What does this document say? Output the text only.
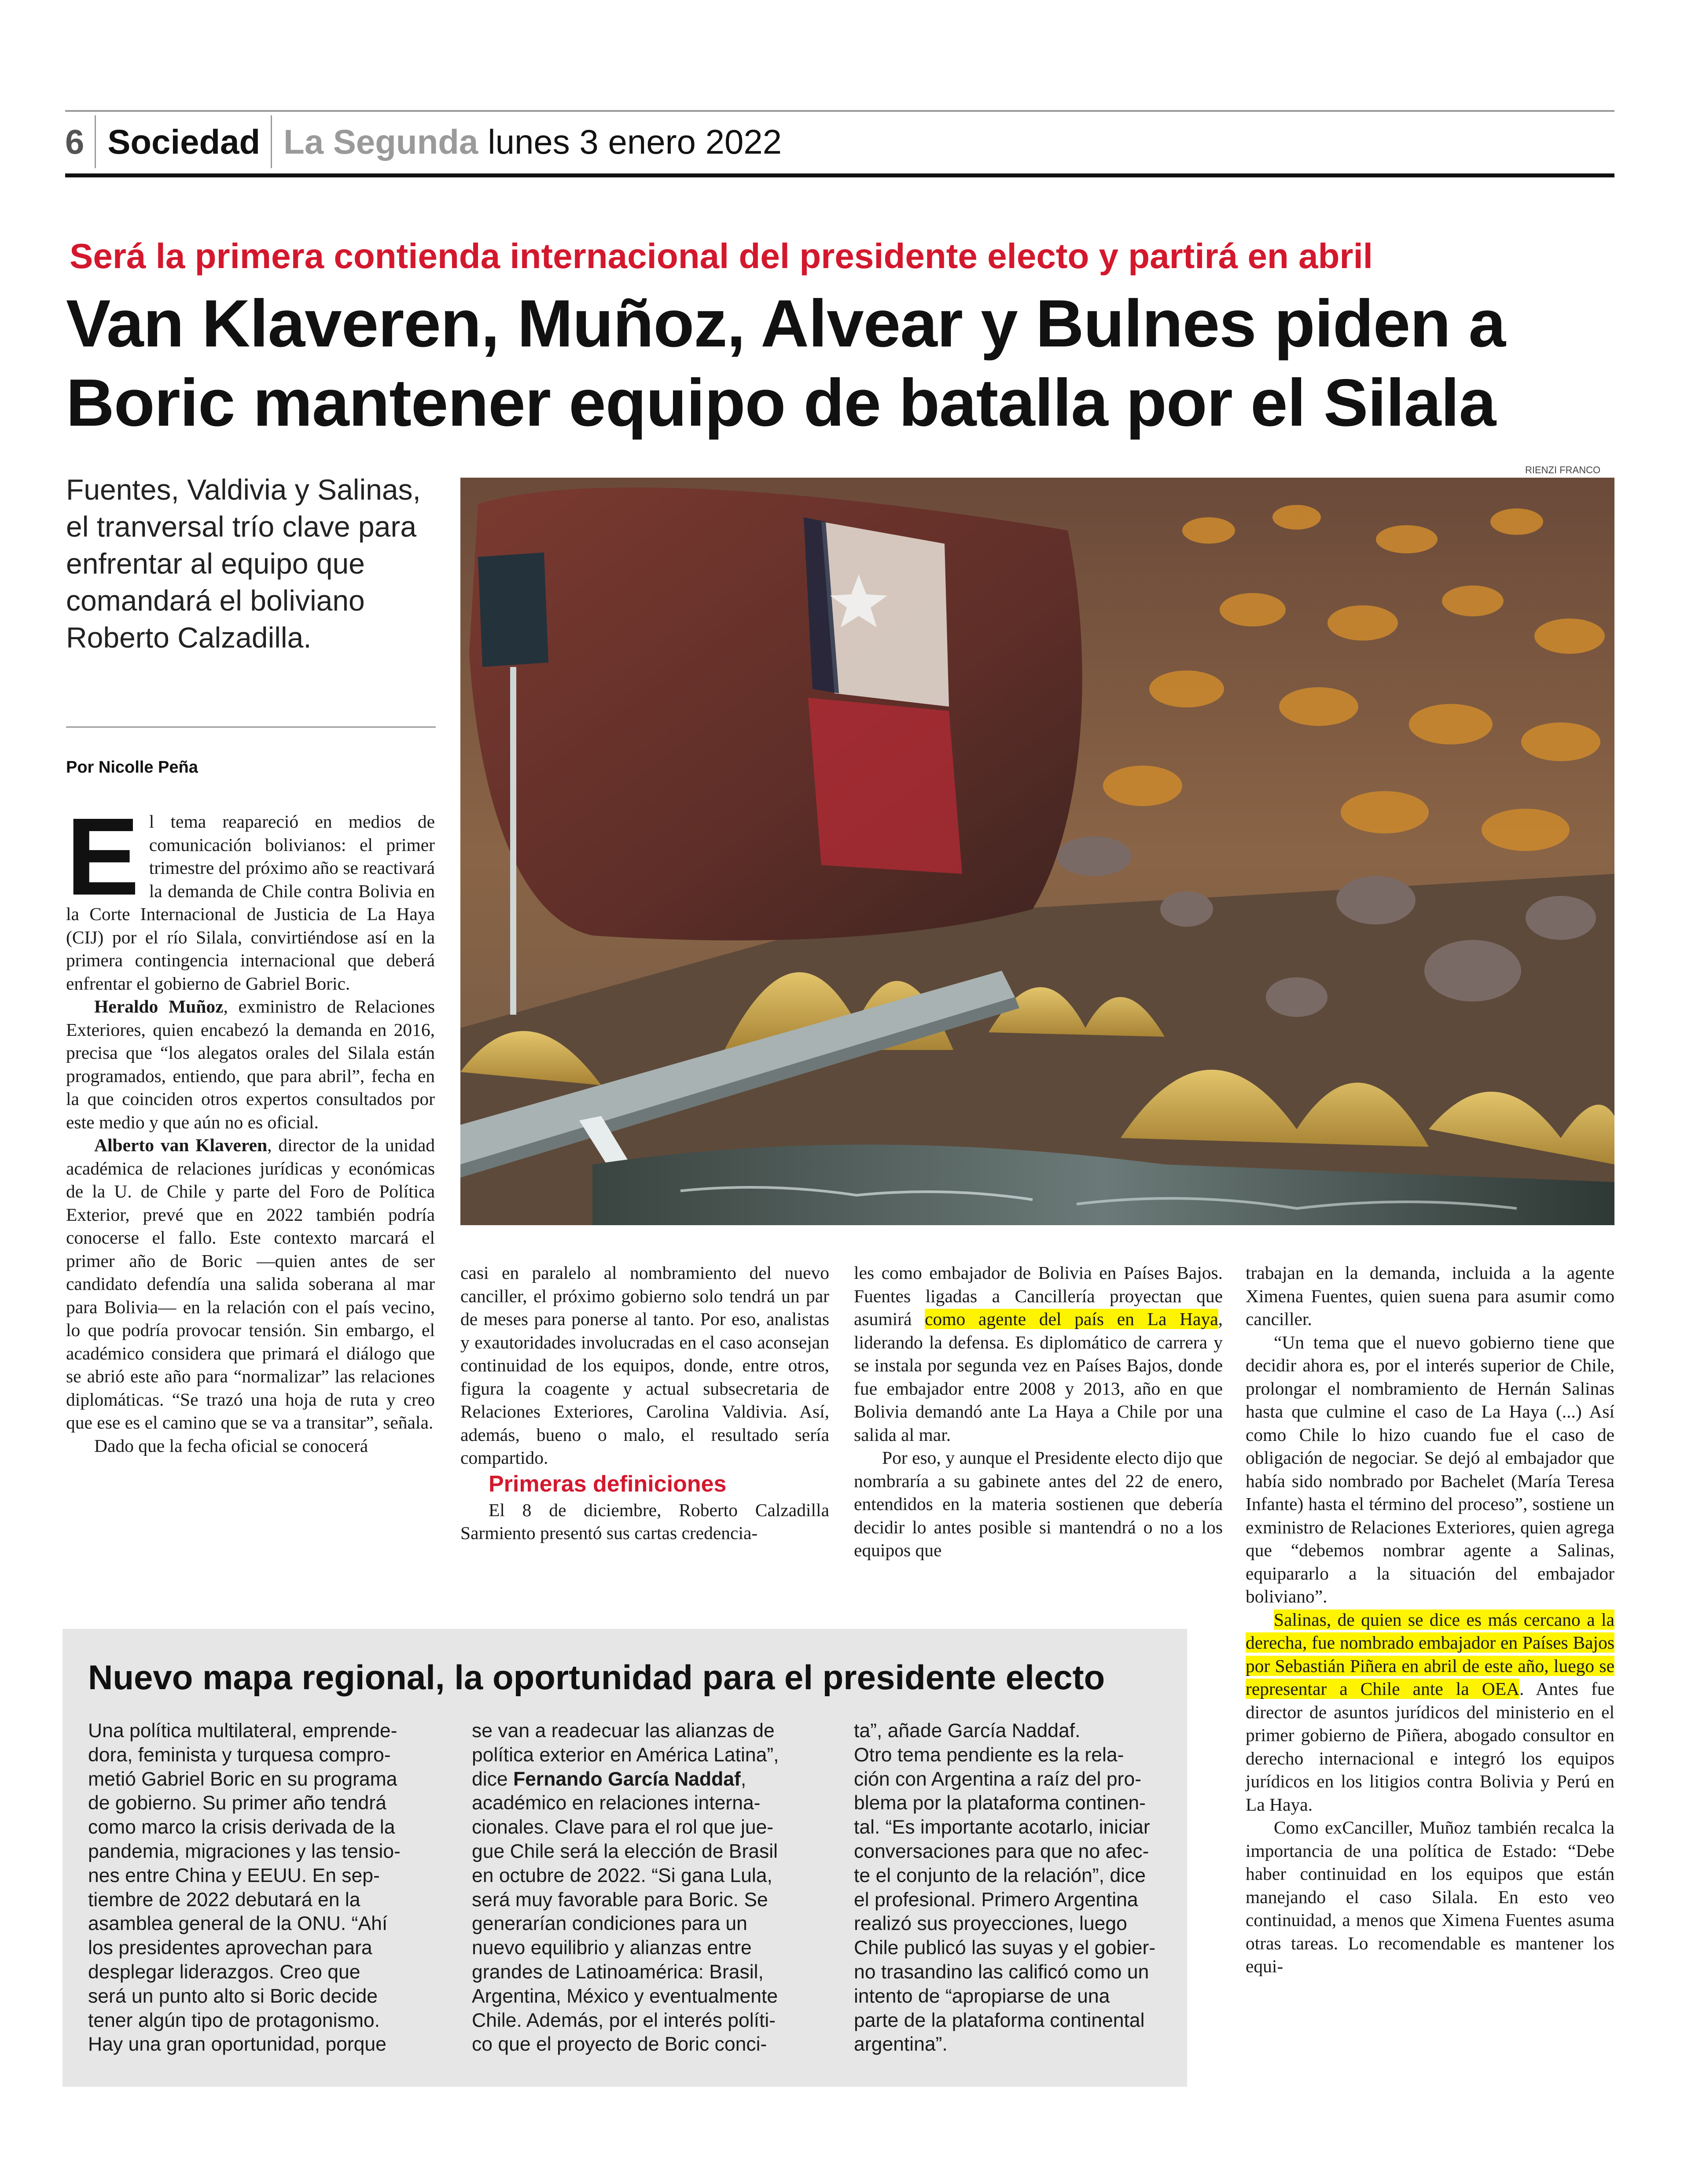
6 Sociedad La Segunda lunes 3 enero 2022
Será la primera contienda internacional del presidente electo y partirá en abril
Van Klaveren, Muñoz, Alvear y Bulnes piden a Boric mantener equipo de batalla por el Silala
Fuentes, Valdivia y Salinas, el tranversal trío clave para enfrentar al equipo que comandará el boliviano Roberto Calzadilla.
Por Nicolle Peña

El tema reapareció en medios de comunicación bolivianos: el primer trimestre del próximo año se reactivará la demanda de Chile contra Bolivia en la Corte Internacional de Justicia de La Haya (CIJ) por el río Silala, convirtiéndose así en la primera contingencia internacional que deberá enfrentar el gobierno de Gabriel Boric.

Heraldo Muñoz, exministro de Relaciones Exteriores, quien encabezó la demanda en 2016, precisa que “los alegatos orales del Silala están programados, entiendo, que para abril”, fecha en la que coinciden otros expertos consultados por este medio y que aún no es oficial.

Alberto van Klaveren, director de la unidad académica de relaciones jurídicas y económicas de la U. de Chile y parte del Foro de Política Exterior, prevé que en 2022 también podría conocerse el fallo. Este contexto marcará el primer año de Boric —quien antes de ser candidato defendía una salida soberana al mar para Bolivia— en la relación con el país vecino, lo que podría provocar tensión. Sin embargo, el académico considera que primará el diálogo que se abrió este año para “normalizar” las relaciones diplomáticas. “Se trazó una hoja de ruta y creo que ese es el camino que se va a transitar”, señala.

Dado que la fecha oficial se conocerá

RIENZI FRANCO

casi en paralelo al nombramiento del nuevo canciller, el próximo gobierno solo tendrá un par de meses para ponerse al tanto. Por eso, analistas y exautoridades involucradas en el caso aconsejan continuidad de los equipos, donde, entre otros, figura la coagente y actual subsecretaria de Relaciones Exteriores, Carolina Valdivia. Así, además, bueno o malo, el resultado sería compartido.

Primeras definiciones

El 8 de diciembre, Roberto Calzadilla Sarmiento presentó sus cartas credencia-

les como embajador de Bolivia en Países Bajos. Fuentes ligadas a Cancillería proyectan que asumirá como agente del país en La Haya, liderando la defensa. Es diplomático de carrera y se instala por segunda vez en Países Bajos, donde fue embajador entre 2008 y 2013, año en que Bolivia demandó ante La Haya a Chile por una salida al mar.

Por eso, y aunque el Presidente electo dijo que nombraría a su gabinete antes del 22 de enero, entendidos en la materia sostienen que debería decidir lo antes posible si mantendrá o no a los equipos que

trabajan en la demanda, incluida a la agente Ximena Fuentes, quien suena para asumir como canciller.

“Un tema que el nuevo gobierno tiene que decidir ahora es, por el interés superior de Chile, prolongar el nombramiento de Hernán Salinas hasta que culmine el caso de La Haya (...) Así como Chile lo hizo cuando fue el caso de obligación de negociar. Se dejó al embajador que había sido nombrado por Bachelet (María Teresa Infante) hasta el término del proceso”, sostiene un exministro de Relaciones Exteriores, quien agrega que “debemos nombrar agente a Salinas, equipararlo a la situación del embajador boliviano”.

Salinas, de quien se dice es más cercano a la derecha, fue nombrado embajador en Países Bajos por Sebastián Piñera en abril de este año, luego se representar a Chile ante la OEA. Antes fue director de asuntos jurídicos del ministerio en el primer gobierno de Piñera, abogado consultor en derecho internacional e integró los equipos jurídicos en los litigios contra Bolivia y Perú en La Haya.

Como exCanciller, Muñoz también recalca la importancia de una política de Estado: “Debe haber continuidad en los equipos que están manejando el caso Silala. En esto veo continuidad, a menos que Ximena Fuentes asuma otras tareas. Lo recomendable es mantener los equi-

Nuevo mapa regional, la oportunidad para el presidente electo

Una política multilateral, emprende-
dora, feminista y turquesa compro-
metió Gabriel Boric en su programa
de gobierno. Su primer año tendrá
como marco la crisis derivada de la
pandemia, migraciones y las tensio-
nes entre China y EEUU. En sep-
tiembre de 2022 debutará en la
asamblea general de la ONU. “Ahí
los presidentes aprovechan para
desplegar liderazgos. Creo que
será un punto alto si Boric decide
tener algún tipo de protagonismo.
Hay una gran oportunidad, porque

se van a readecuar las alianzas de
política exterior en América Latina”,
dice Fernando García Naddaf,
académico en relaciones interna-
cionales. Clave para el rol que jue-
gue Chile será la elección de Brasil
en octubre de 2022. “Si gana Lula,
será muy favorable para Boric. Se
generarían condiciones para un
nuevo equilibrio y alianzas entre
grandes de Latinoamérica: Brasil,
Argentina, México y eventualmente
Chile. Además, por el interés políti-
co que el proyecto de Boric conci-

ta”, añade García Naddaf.
Otro tema pendiente es la rela-
ción con Argentina a raíz del pro-
blema por la plataforma continen-
tal. “Es importante acotarlo, iniciar
conversaciones para que no afec-
te el conjunto de la relación”, dice
el profesional. Primero Argentina
realizó sus proyecciones, luego
Chile publicó las suyas y el gobier-
no trasandino las calificó como un
intento de “apropiarse de una
parte de la plataforma continental
argentina”.
